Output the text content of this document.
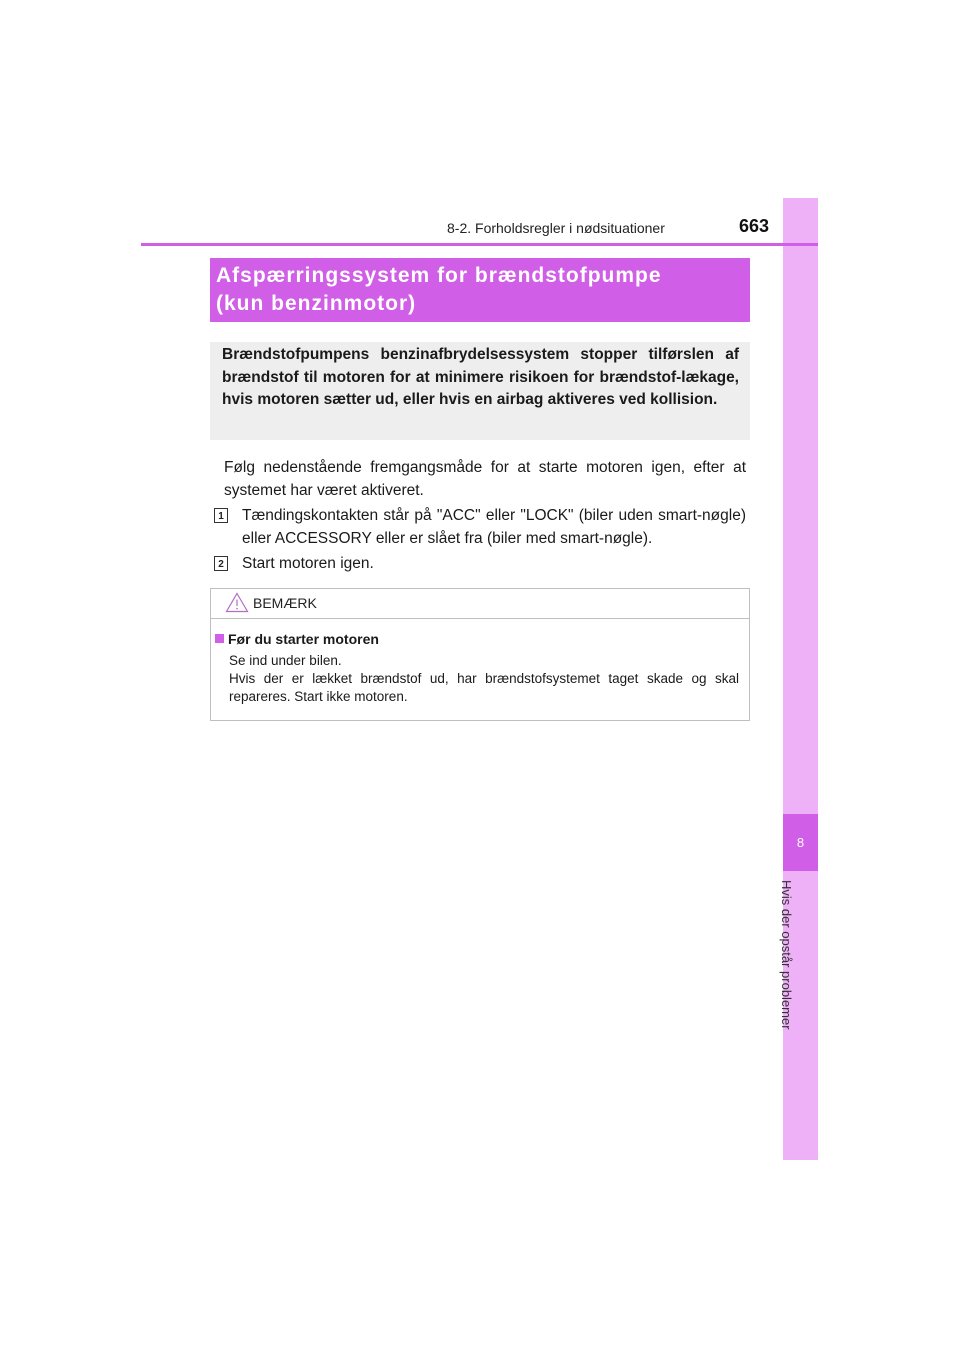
8
Hvis der opstår problemer
8-2. Forholdsregler i nødsituationer	663
Afspærringssystem for brændstofpumpe
(kun benzinmotor)
Brændstofpumpens benzinafbrydelsessystem stopper tilførslen af brændstof til motoren for at minimere risikoen for brændstof-lækage, hvis motoren sætter ud, eller hvis en airbag aktiveres ved kollision.
Følg nedenstående fremgangsmåde for at starte motoren igen, efter at systemet har været aktiveret.
1 Tændingskontakten står på "ACC" eller "LOCK" (biler uden smart-nøgle) eller ACCESSORY eller er slået fra (biler med smart-nøgle).
2 Start motoren igen.
BEMÆRK
Før du starter motoren

Se ind under bilen.

Hvis der er lækket brændstof ud, har brændstofsystemet taget skade og skal repareres. Start ikke motoren.
